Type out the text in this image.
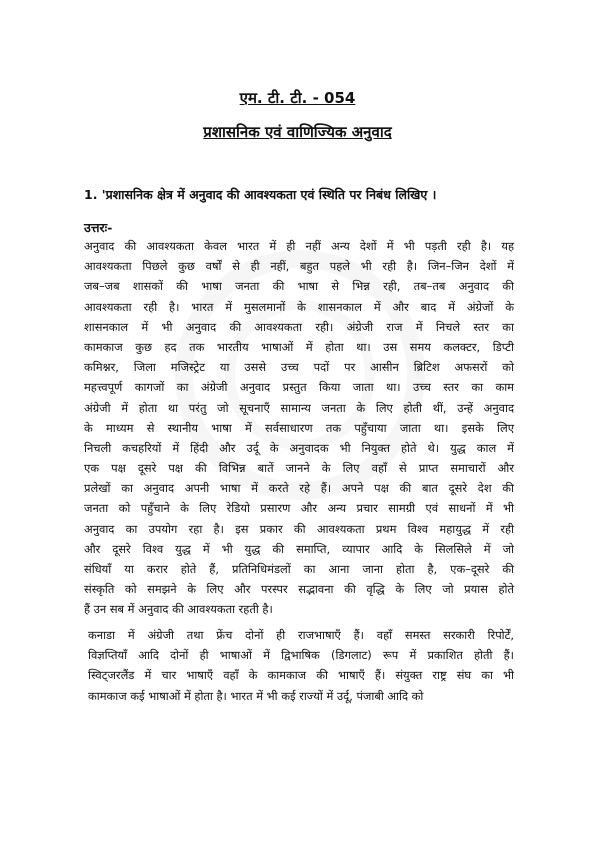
एम. टी. टी. - 054
प्रशासनिक एवं वाणिज्यिक अनुवाद
1. 'प्रशासनिक क्षेत्र में अनुवाद की आवश्यकता एवं स्थिति पर निबंध लिखिए ।
उत्तरः-
अनुवाद की आवश्यकता केवल भारत में ही नहीं अन्य देशों में भी पड़ती रही है। यह
आवश्यकता पिछले कुछ वर्षों से ही नहीं, बहुत पहले भी रही है। जिन–जिन देशों में
जब–जब शासकों की भाषा जनता की भाषा से भिन्न रही, तब–तब अनुवाद की
आवश्यकता रही है। भारत में मुसलमानों के शासनकाल में और बाद में अंग्रेजों के
शासनकाल में भी अनुवाद की आवश्यकता रही। अंग्रेजी राज में निचले स्तर का
कामकाज कुछ हद तक भारतीय भाषाओं में होता था। उस समय कलक्टर, डिप्टी
कमिश्नर, जिला मजिस्ट्रेट या उससे उच्च पदों पर आसीन ब्रिटिश अफसरों को
महत्त्वपूर्ण कागजों का अंग्रेजी अनुवाद प्रस्तुत किया जाता था। उच्च स्तर का काम
अंग्रेजी में होता था परंतु जो सूचनाएँ सामान्य जनता के लिए होती थीं, उन्हें अनुवाद
के माध्यम से स्थानीय भाषा में सर्वसाधारण तक पहुँचाया जाता था। इसके लिए
निचली कचहरियों में हिंदी और उर्दू के अनुवादक भी नियुक्त होते थे। युद्ध काल में
एक पक्ष दूसरे पक्ष की विभिन्न बातें जानने के लिए वहाँ से प्राप्त समाचारों और
प्रलेखों का अनुवाद अपनी भाषा में करते रहे हैं। अपने पक्ष की बात दूसरे देश की
जनता को पहुँचाने के लिए रेडियो प्रसारण और अन्य प्रचार सामग्री एवं साधनों में भी
अनुवाद का उपयोग रहा है। इस प्रकार की आवश्यकता प्रथम विश्व महायुद्ध में रही
और दूसरे विश्व युद्ध में भी युद्ध की समाप्ति, व्यापार आदि के सिलसिले में जो
संधियाँ या करार होते हैं, प्रतिनिधिमंडलों का आना जाना होता है, एक–दूसरे की
संस्कृति को समझने के लिए और परस्पर सद्भावना की वृद्धि के लिए जो प्रयास होते
हैं उन सब में अनुवाद की आवश्यकता रहती है।
कनाडा में अंग्रेजी तथा फ्रेंच दोनों ही राजभाषाएँ हैं। वहाँ समस्त सरकारी रिपोर्टें,
विज्ञप्तियाँ आदि दोनों ही भाषाओं में द्विभाषिक (डिगलाट) रूप में प्रकाशित होती हैं।
स्विट्जरलैंड में चार भाषाएँ वहाँ के कामकाज की भाषाएँ हैं। संयुक्त राष्ट्र संघ का भी
कामकाज कई भाषाओं में होता है। भारत में भी कई राज्यों में उर्दू, पंजाबी आदि को
